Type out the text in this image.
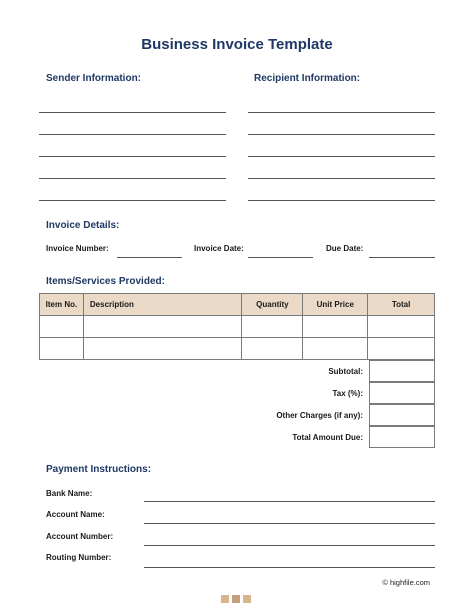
Business Invoice Template
Sender Information:	Recipient Information:
Invoice Details:
Invoice Number:	Invoice Date:	Due Date:
Items/Services Provided:
Item No.	Description	Quantity	Unit Price	Total

Subtotal:
Tax (%):
Other Charges (if any):
Total Amount Due:
Payment Instructions:
Bank Name:
Account Name:
Account Number:
Routing Number:
© highfile.com
